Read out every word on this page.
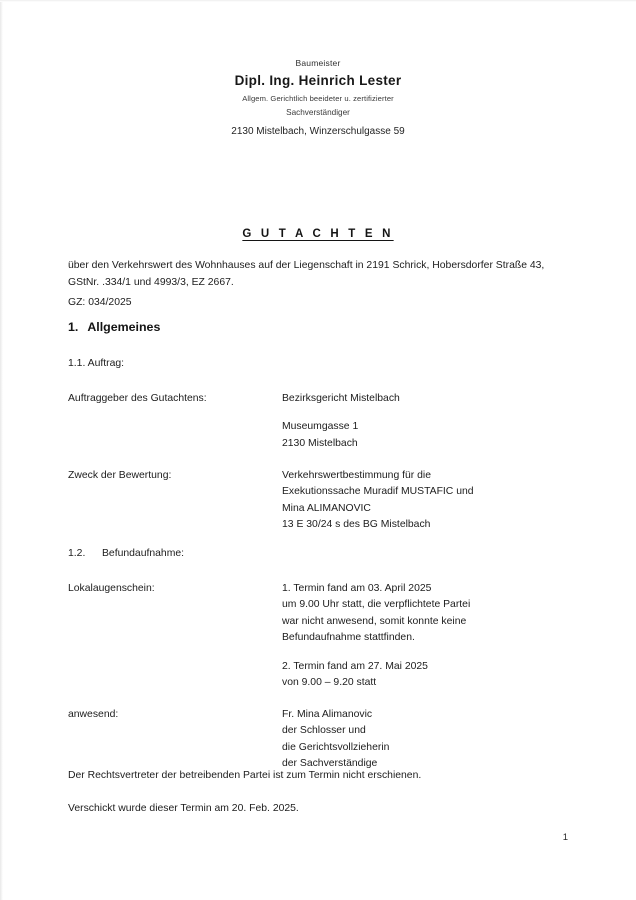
Baumeister
Dipl. Ing. Heinrich Lester
Allgem. Gerichtlich beeideter u. zertifizierter
Sachverständiger
2130 Mistelbach, Winzerschulgasse 59
G U T A C H T E N
über den Verkehrswert des Wohnhauses auf der Liegenschaft in 2191 Schrick, Hobersdorfer Straße 43, GStNr. .334/1 und 4993/3, EZ 2667.
GZ: 034/2025
1. Allgemeines
1.1. Auftrag:
Auftraggeber des Gutachtens:	Bezirksgericht Mistelbach
Museumgasse 1
2130 Mistelbach
Zweck der Bewertung:	Verkehrswertbestimmung für die
Exekutionssache Muradif MUSTAFIC und
Mina ALIMANOVIC
13 E 30/24 s des BG Mistelbach
1.2. Befundaufnahme:
Lokalaugenschein:	1. Termin fand am 03. April 2025
um 9.00 Uhr statt, die verpflichtete Partei
war nicht anwesend, somit konnte keine
Befundaufnahme stattfinden.
2. Termin fand am 27. Mai 2025
von 9.00 – 9.20 statt
anwesend:	Fr. Mina Alimanovic
der Schlosser und
die Gerichtsvollzieherin
der Sachverständige
Der Rechtsvertreter der betreibenden Partei ist zum Termin nicht erschienen.
Verschickt wurde dieser Termin am 20. Feb. 2025.
1
